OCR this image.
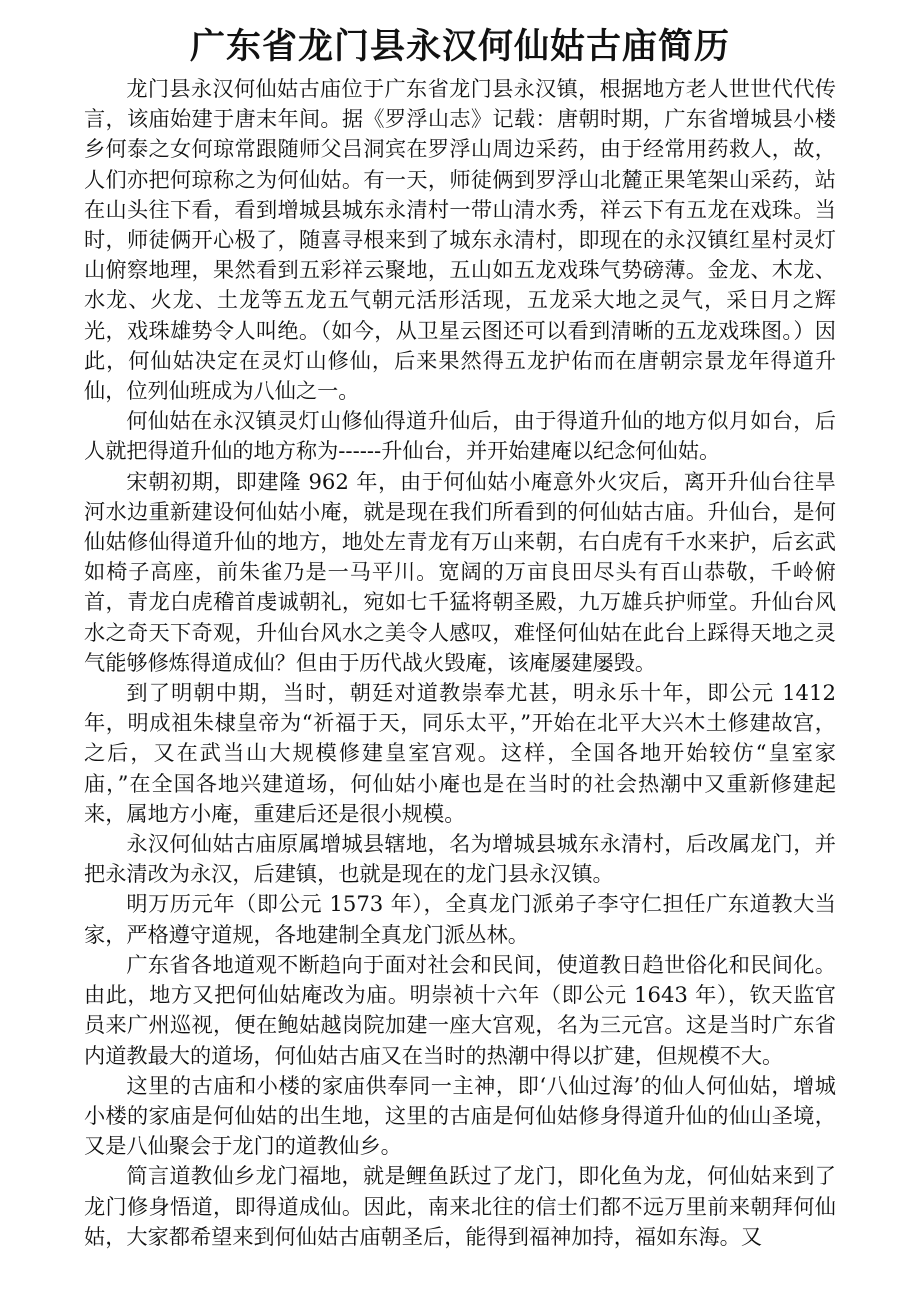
广东省龙门县永汉何仙姑古庙简历

龙门县永汉何仙姑古庙位于广东省龙门县永汉镇，根据地方老人世世代代传言，该庙始建于唐末年间。据《罗浮山志》记载：唐朝时期，广东省增城县小楼乡何泰之女何琼常跟随师父吕洞宾在罗浮山周边采药，由于经常用药救人，故，人们亦把何琼称之为何仙姑。有一天，师徒俩到罗浮山北麓正果笔架山采药，站在山头往下看，看到增城县城东永清村一带山清水秀，祥云下有五龙在戏珠。当时，师徒俩开心极了，随喜寻根来到了城东永清村，即现在的永汉镇红星村灵灯山俯察地理，果然看到五彩祥云聚地，五山如五龙戏珠气势磅薄。金龙、木龙、水龙、火龙、土龙等五龙五气朝元活形活现，五龙采大地之灵气，采日月之辉光，戏珠雄势令人叫绝。（如今，从卫星云图还可以看到清晰的五龙戏珠图。）因此，何仙姑决定在灵灯山修仙，后来果然得五龙护佑而在唐朝宗景龙年得道升仙，位列仙班成为八仙之一。

何仙姑在永汉镇灵灯山修仙得道升仙后，由于得道升仙的地方似月如台，后人就把得道升仙的地方称为------升仙台，并开始建庵以纪念何仙姑。

宋朝初期，即建隆 962 年，由于何仙姑小庵意外火灾后，离开升仙台往旱河水边重新建设何仙姑小庵，就是现在我们所看到的何仙姑古庙。升仙台，是何仙姑修仙得道升仙的地方，地处左青龙有万山来朝，右白虎有千水来护，后玄武如椅子高座，前朱雀乃是一马平川。宽阔的万亩良田尽头有百山恭敬，千岭俯首，青龙白虎稽首虔诚朝礼，宛如七千猛将朝圣殿，九万雄兵护师堂。升仙台风水之奇天下奇观，升仙台风水之美令人感叹，难怪何仙姑在此台上踩得天地之灵气能够修炼得道成仙？但由于历代战火毁庵，该庵屡建屡毁。

到了明朝中期，当时，朝廷对道教崇奉尤甚，明永乐十年，即公元 1412 年，明成祖朱棣皇帝为“祈福于天，同乐太平，”开始在北平大兴木土修建故宫，之后，又在武当山大规模修建皇室宫观。这样，全国各地开始较仿“皇室家庙，”在全国各地兴建道场，何仙姑小庵也是在当时的社会热潮中又重新修建起来，属地方小庵，重建后还是很小规模。

永汉何仙姑古庙原属增城县辖地，名为增城县城东永清村，后改属龙门，并把永清改为永汉，后建镇，也就是现在的龙门县永汉镇。

明万历元年（即公元 1573 年），全真龙门派弟子李守仁担任广东道教大当家，严格遵守道规，各地建制全真龙门派丛林。

广东省各地道观不断趋向于面对社会和民间，使道教日趋世俗化和民间化。由此，地方又把何仙姑庵改为庙。明崇祯十六年（即公元 1643 年），钦天监官员来广州巡视，便在鲍姑越岗院加建一座大宫观，名为三元宫。这是当时广东省内道教最大的道场，何仙姑古庙又在当时的热潮中得以扩建，但规模不大。

这里的古庙和小楼的家庙供奉同一主神，即‘八仙过海’的仙人何仙姑，增城小楼的家庙是何仙姑的出生地，这里的古庙是何仙姑修身得道升仙的仙山圣境，又是八仙聚会于龙门的道教仙乡。

简言道教仙乡龙门福地，就是鲤鱼跃过了龙门，即化鱼为龙，何仙姑来到了龙门修身悟道，即得道成仙。因此，南来北往的信士们都不远万里前来朝拜何仙姑，大家都希望来到何仙姑古庙朝圣后，能得到福神加持，福如东海。又
